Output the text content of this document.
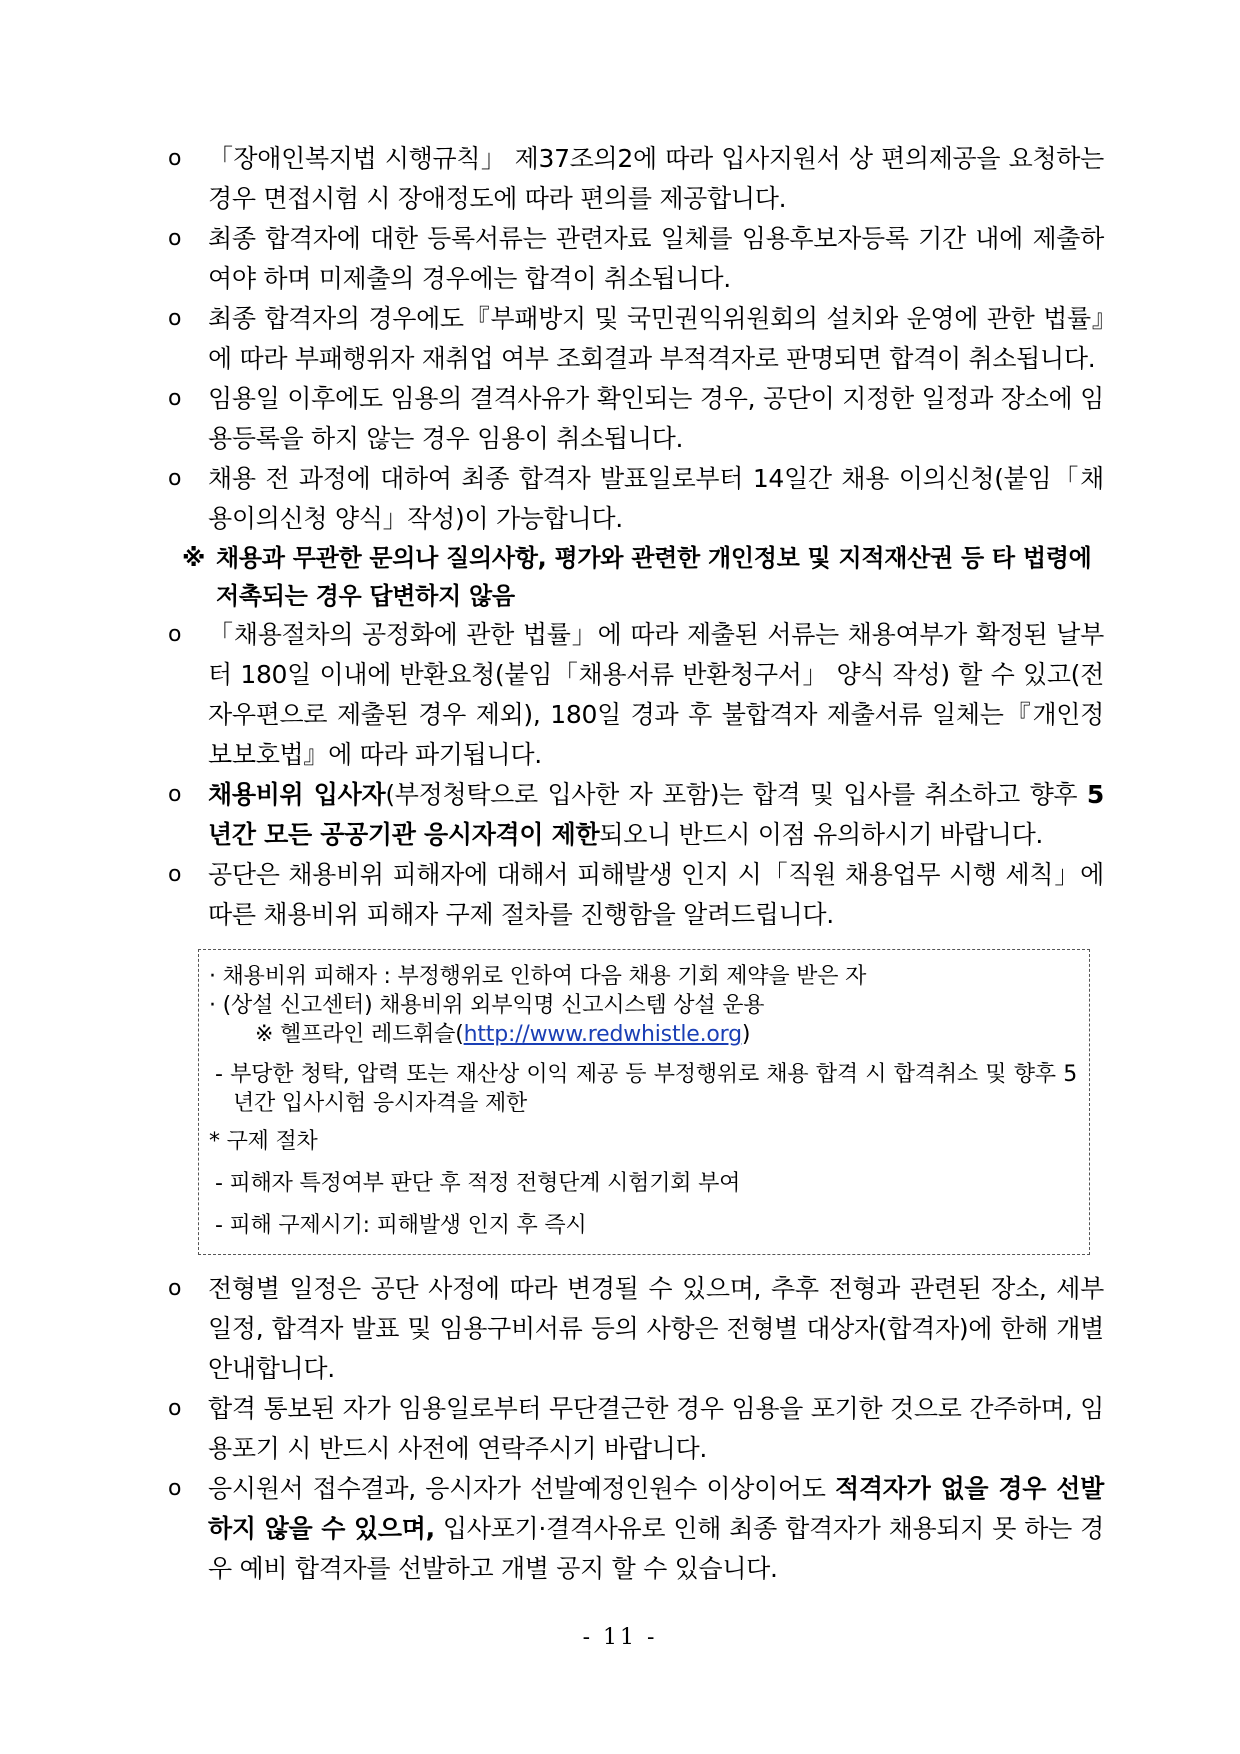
o	「장애인복지법 시행규칙」 제37조의2에 따라 입사지원서 상 편의제공을 요청하는 경우 면접시험 시 장애정도에 따라 편의를 제공합니다.
o	최종 합격자에 대한 등록서류는 관련자료 일체를 임용후보자등록 기간 내에 제출하여야 하며 미제출의 경우에는 합격이 취소됩니다.
o	최종 합격자의 경우에도『부패방지 및 국민권익위원회의 설치와 운영에 관한 법률』에 따라 부패행위자 재취업 여부 조회결과 부적격자로 판명되면 합격이 취소됩니다.
o	임용일 이후에도 임용의 결격사유가 확인되는 경우, 공단이 지정한 일정과 장소에 임용등록을 하지 않는 경우 임용이 취소됩니다.
o	채용 전 과정에 대하여 최종 합격자 발표일로부터 14일간 채용 이의신청(붙임「채용이의신청 양식」작성)이 가능합니다.
※ 채용과 무관한 문의나 질의사항, 평가와 관련한 개인정보 및 지적재산권 등 타 법령에 저촉되는 경우 답변하지 않음
o	「채용절차의 공정화에 관한 법률」에 따라 제출된 서류는 채용여부가 확정된 날부터 180일 이내에 반환요청(붙임「채용서류 반환청구서」 양식 작성) 할 수 있고(전자우편으로 제출된 경우 제외), 180일 경과 후 불합격자 제출서류 일체는『개인정보보호법』에 따라 파기됩니다.
o	채용비위 입사자(부정청탁으로 입사한 자 포함)는 합격 및 입사를 취소하고 향후 5년간 모든 공공기관 응시자격이 제한되오니 반드시 이점 유의하시기 바랍니다.
o	공단은 채용비위 피해자에 대해서 피해발생 인지 시「직원 채용업무 시행 세칙」에 따른 채용비위 피해자 구제 절차를 진행함을 알려드립니다.
· 채용비위 피해자 : 부정행위로 인하여 다음 채용 기회 제약을 받은 자
· (상설 신고센터) 채용비위 외부익명 신고시스템 상설 운용
※ 헬프라인 레드휘슬(http://www.redwhistle.org)
- 부당한 청탁, 압력 또는 재산상 이익 제공 등 부정행위로 채용 합격 시 합격취소 및 향후 5년간 입사시험 응시자격을 제한
* 구제 절차
- 피해자 특정여부 판단 후 적정 전형단계 시험기회 부여
- 피해 구제시기: 피해발생 인지 후 즉시
o	전형별 일정은 공단 사정에 따라 변경될 수 있으며, 추후 전형과 관련된 장소, 세부 일정, 합격자 발표 및 임용구비서류 등의 사항은 전형별 대상자(합격자)에 한해 개별 안내합니다.
o	합격 통보된 자가 임용일로부터 무단결근한 경우 임용을 포기한 것으로 간주하며, 임용포기 시 반드시 사전에 연락주시기 바랍니다.
o	응시원서 접수결과, 응시자가 선발예정인원수 이상이어도 적격자가 없을 경우 선발하지 않을 수 있으며, 입사포기·결격사유로 인해 최종 합격자가 채용되지 못 하는 경우 예비 합격자를 선발하고 개별 공지 할 수 있습니다.
- 11 -
